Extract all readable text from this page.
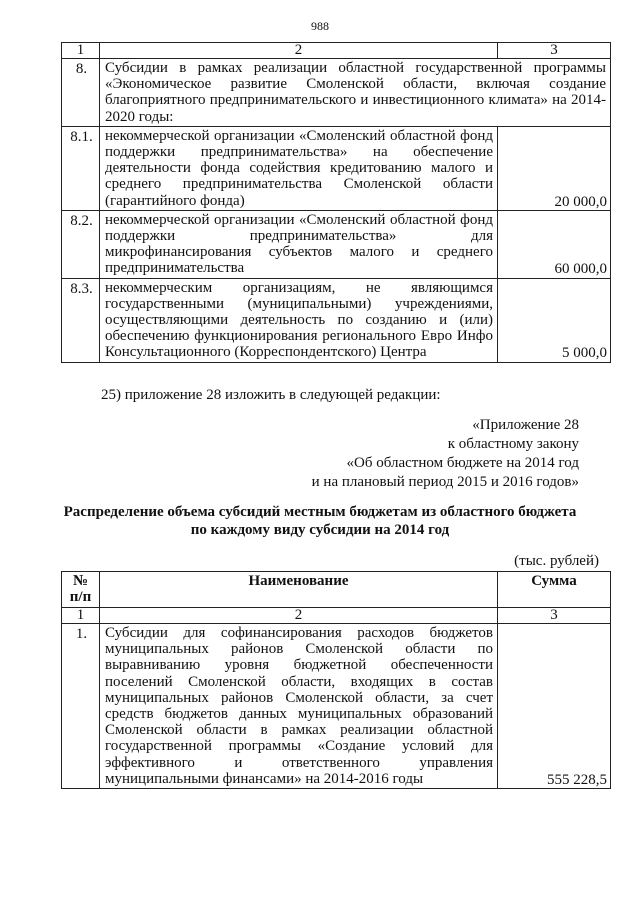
988
1	2	3
8.	Субсидии в рамках реализации областной государственной программы «Экономическое развитие Смоленской области, включая создание благоприятного предпринимательского и инвестиционного климата» на 2014-2020 годы:	
8.1.	некоммерческой организации «Смоленский областной фонд поддержки предпринимательства» на обеспечение деятельности фонда содействия кредитованию малого и среднего предпринимательства Смоленской области (гарантийного фонда)	20 000,0
8.2.	некоммерческой организации «Смоленский областной фонд поддержки предпринимательства» для микрофинансирования субъектов малого и среднего предпринимательства	60 000,0
8.3.	некоммерческим организациям, не являющимся государственными (муниципальными) учреждениями, осуществляющими деятельность по созданию и (или) обеспечению функционирования регионального Евро Инфо Консультационного (Корреспондентского) Центра	5 000,0
25) приложение 28 изложить в следующей редакции:
«Приложение 28
к областному закону
«Об областном бюджете на 2014 год
и на плановый период 2015 и 2016 годов»
Распределение объема субсидий местным бюджетам из областного бюджета
по каждому виду субсидии на 2014 год
(тыс. рублей)
№ п/п	Наименование	Сумма
1	2	3
1.	Субсидии для софинансирования расходов бюджетов муниципальных районов Смоленской области по выравниванию уровня бюджетной обеспеченности поселений Смоленской области, входящих в состав муниципальных районов Смоленской области, за счет средств бюджетов данных муниципальных образований Смоленской области в рамках реализации областной государственной программы «Создание условий для эффективного и ответственного управления муниципальными финансами» на 2014-2016 годы	555 228,5
